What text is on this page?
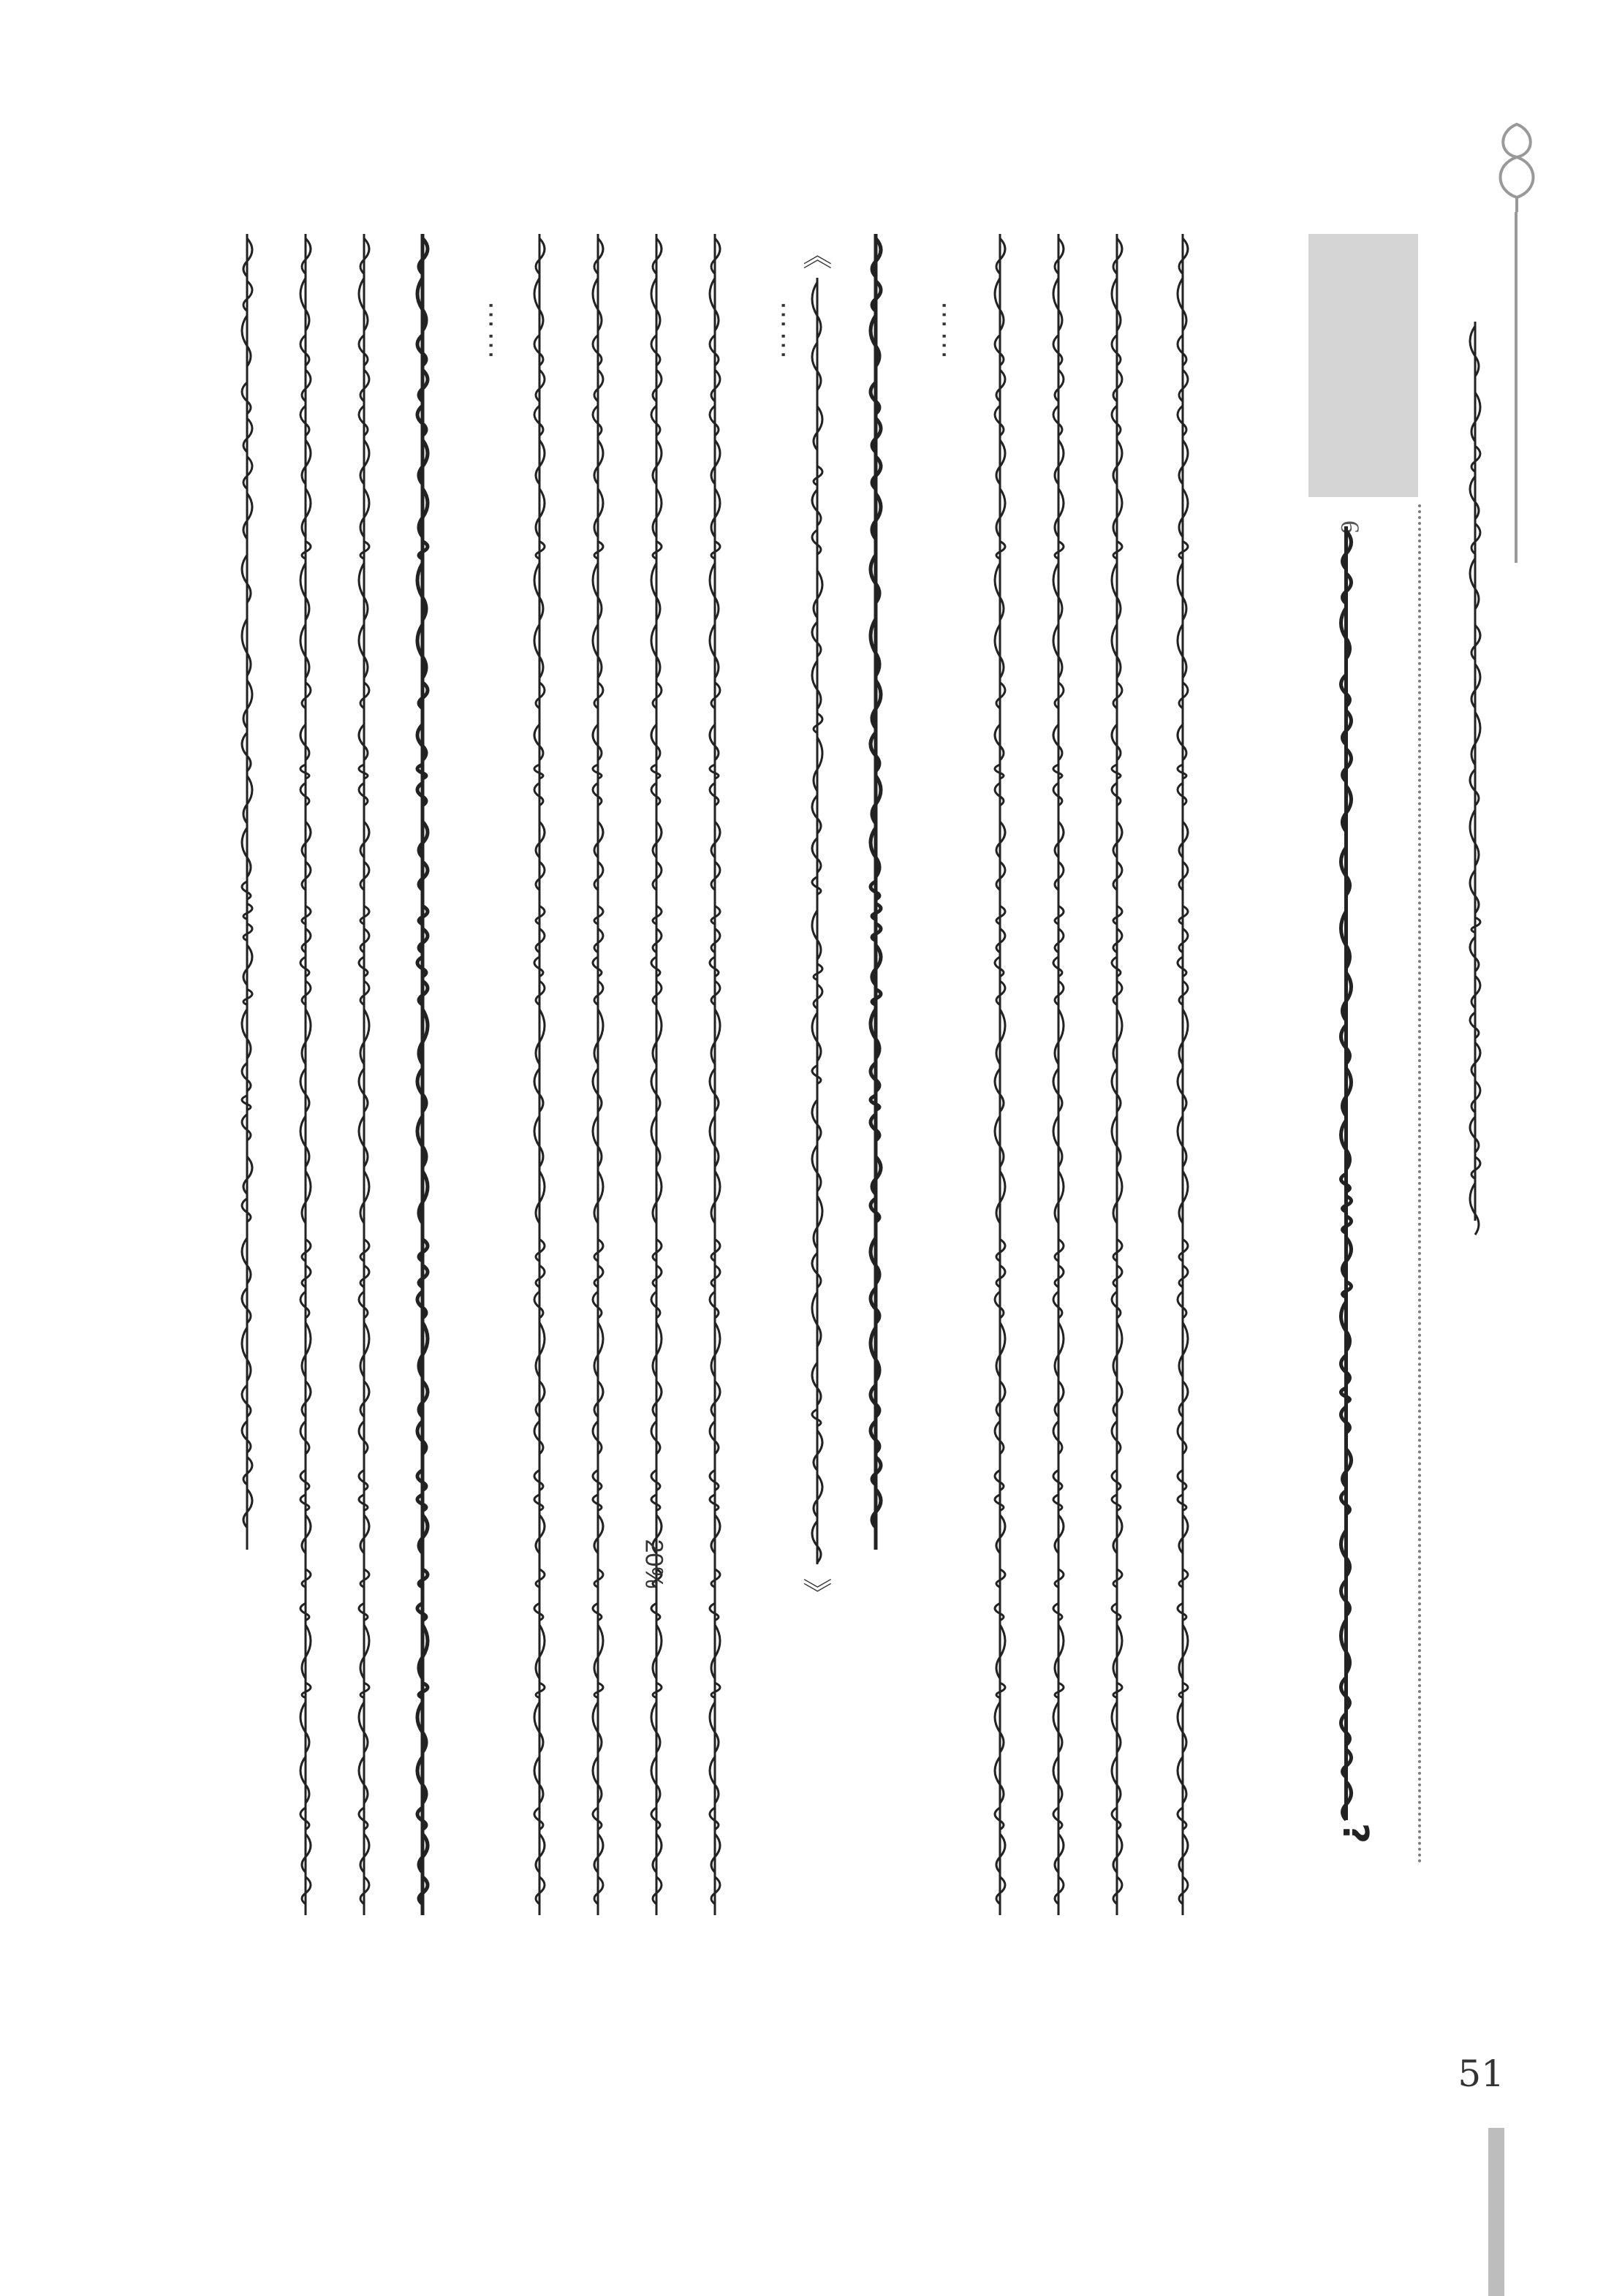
6
?
……
《
》
……
20%
……
51
